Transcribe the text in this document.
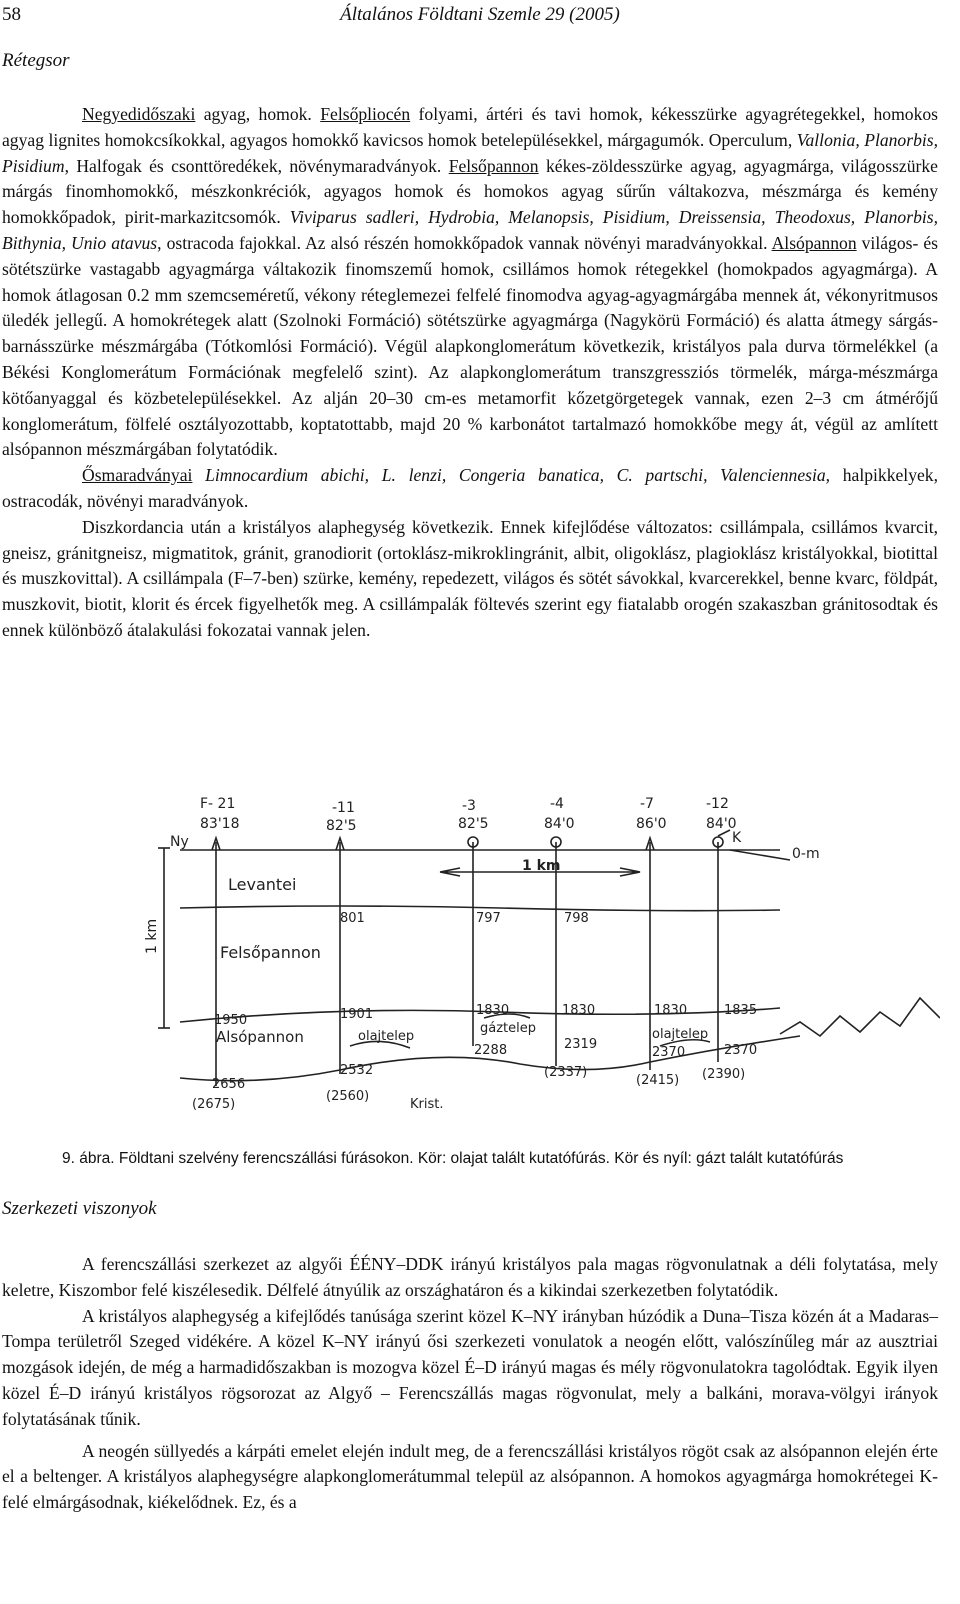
58	Általános Földtani Szemle 29 (2005)
Rétegsor

Negyedidőszaki agyag, homok. Felsőpliocén folyami, ártéri és tavi homok, kékesszürke agyagrétegekkel, homokos agyag lignites homokcsíkokkal, agyagos homokkő kavicsos homok betelepülésekkel, márgagumók. Operculum, Vallonia, Planorbis, Pisidium, Halfogak és csonttöredékek, növénymaradványok. Felsőpannon kékes-zöldesszürke agyag, agyagmárga, világosszürke márgás finomhomokkő, mészkonkréciók, agyagos homok és homokos agyag sűrűn váltakozva, mészmárga és kemény homokkőpadok, pirit-markazitcsomók. Viviparus sadleri, Hydrobia, Melanopsis, Pisidium, Dreissensia, Theodoxus, Planorbis, Bithynia, Unio atavus, ostracoda fajokkal. Az alsó részén homokkőpadok vannak növényi maradványokkal. Alsópannon világos- és sötétszürke vastagabb agyagmárga váltakozik finomszemű homok, csillámos homok rétegekkel (homokpados agyagmárga). A homok átlagosan 0.2 mm szemcseméretű, vékony réteglemezei felfelé finomodva agyag-agyagmárgába mennek át, vékonyritmusos üledék jellegű. A homokrétegek alatt (Szolnoki Formáció) sötétszürke agyagmárga (Nagykörü Formáció) és alatta átmegy sárgás-barnásszürke mészmárgába (Tótkomlósi Formáció). Végül alapkonglomerátum következik, kristályos pala durva törmelékkel (a Békési Konglomerátum Formációnak megfelelő szint). Az alapkonglomerátum transzgressziós törmelék, márga-mészmárga kötőanyaggal és közbetelepülésekkel. Az alján 20–30 cm-es metamorfit kőzetgörgetegek vannak, ezen 2–3 cm átmérőjű konglomerátum, fölfelé osztályozottabb, koptatottabb, majd 20 % karbonátot tartalmazó homokkőbe megy át, végül az amlített alsópannon mészmárgában folytatódik.

Ősmaradványai Limnocardium abichi, L. lenzi, Congeria banatica, C. partschi, Valenciennesia, halpikkelyek, ostracodák, növényi maradványok.

Diszkordancia után a kristályos alaphegység következik. Ennek kifejlődése változatos: csillámpala, csillámos kvarcit, gneisz, gránitgneisz, migmatitok, gránit, granodiorit (ortoklász-mikroklingránit, albit, oligoklász, plagioklász kristályokkal, biotittal és muszkovittal). A csillámpala (F–7-ben) szürke, kemény, repedezett, világos és sötét sávokkal, kvarcerekkel, benne kvarc, földpát, muszkovit, biotit, klorit és ércek figyelhetők meg. A csillámpalák föltevés szerint egy fiatalabb orogén szakaszban gránitosodtak és ennek különböző átalakulási fokozatai vannak jelen.

F- 21
83'18
-11
82'5
-3
82'5
-4
84'0
-7
86'0
-12
84'0
Ny	K
0-m
1 km
1 km
Levantei
Felsőpannon
Alsópannon
801	797	798
1950	1901	1830	1830	1830	1835
olajtelep
gáztelep	olajtelep
2532
2288	2319
2370	2370
2656
(2675)
(2560)
(2337)
(2415) (2390)
Krist.
9. ábra. Földtani szelvény ferencszállási fúrásokon. Kör: olajat talált kutatófúrás. Kör és nyíl: gázt talált kutatófúrás
Szerkezeti viszonyok

A ferencszállási szerkezet az algyői ÉÉNY–DDK irányú kristályos pala magas rögvonulatnak a déli folytatása, mely keletre, Kiszombor felé kiszélesedik. Délfelé átnyúlik az országhatáron és a kikindai szerkezetben folytatódik.

A kristályos alaphegység a kifejlődés tanúsága szerint közel K–NY irányban húzódik a Duna–Tisza közén át a Madaras–Tompa területről Szeged vidékére. A közel K–NY irányú ősi szerkezeti vonulatok a neogén előtt, valószínűleg már az ausztriai mozgások idején, de még a harmadidőszakban is mozogva közel É–D irányú magas és mély rögvonulatokra tagolódtak. Egyik ilyen közel É–D irányú kristályos rögsorozat az Algyő – Ferencszállás magas rögvonulat, mely a balkáni, morava-völgyi irányok folytatásának tűnik.

A neogén süllyedés a kárpáti emelet elején indult meg, de a ferencszállási kristályos rögöt csak az alsópannon elején érte el a beltenger. A kristályos alaphegységre alapkonglomerátummal települ az alsópannon. A homokos agyagmárga homokrétegei K-felé elmárgásodnak, kiékelődnek. Ez, és a
